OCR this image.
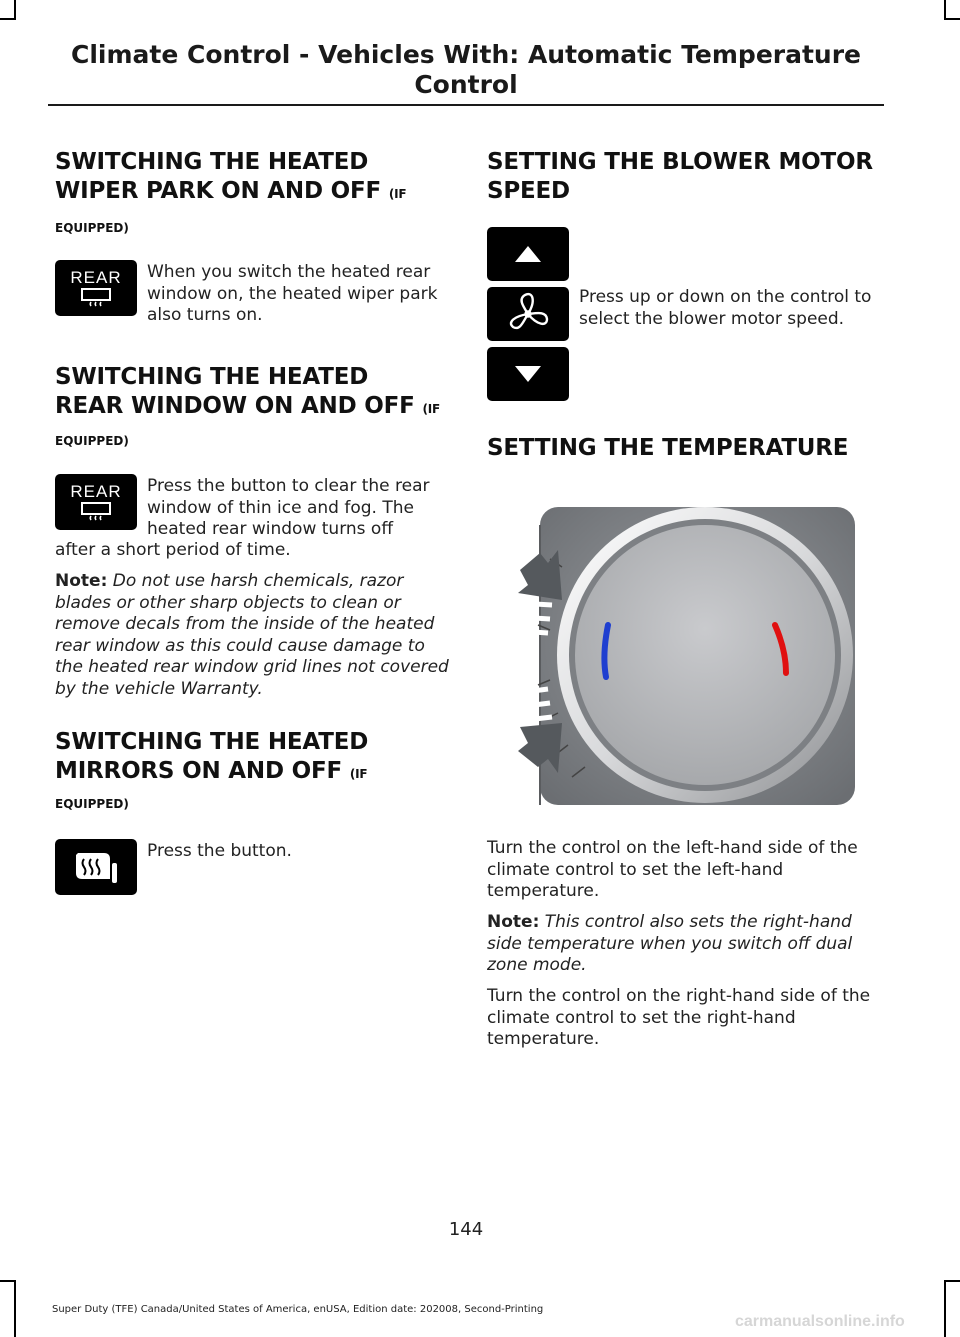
Climate Control - Vehicles With: Automatic Temperature Control
SWITCHING THE HEATED
WIPER PARK ON AND OFF (IF
EQUIPPED)
REAR When you switch the heated rear window on, the heated wiper park also turns on.
SWITCHING THE HEATED
REAR WINDOW ON AND OFF (IF
EQUIPPED)
REAR Press the button to clear the rear
window of thin ice and fog. The
heated rear window turns off
after a short period of time.
Note: Do not use harsh chemicals, razor blades or other sharp objects to clean or remove decals from the inside of the heated rear window as this could cause damage to the heated rear window grid lines not covered by the vehicle Warranty.
SWITCHING THE HEATED
MIRRORS ON AND OFF (IF
EQUIPPED)
Press the button.
SETTING THE BLOWER MOTOR
SPEED
Press up or down on the control to select the blower motor speed.
SETTING THE TEMPERATURE
Turn the control on the left-hand side of the climate control to set the left-hand temperature.
Note: This control also sets the right-hand side temperature when you switch off dual zone mode.
Turn the control on the right-hand side of the climate control to set the right-hand temperature.
144
Super Duty (TFE) Canada/United States of America, enUSA, Edition date: 202008, Second-Printing
carmanualsonline.info
